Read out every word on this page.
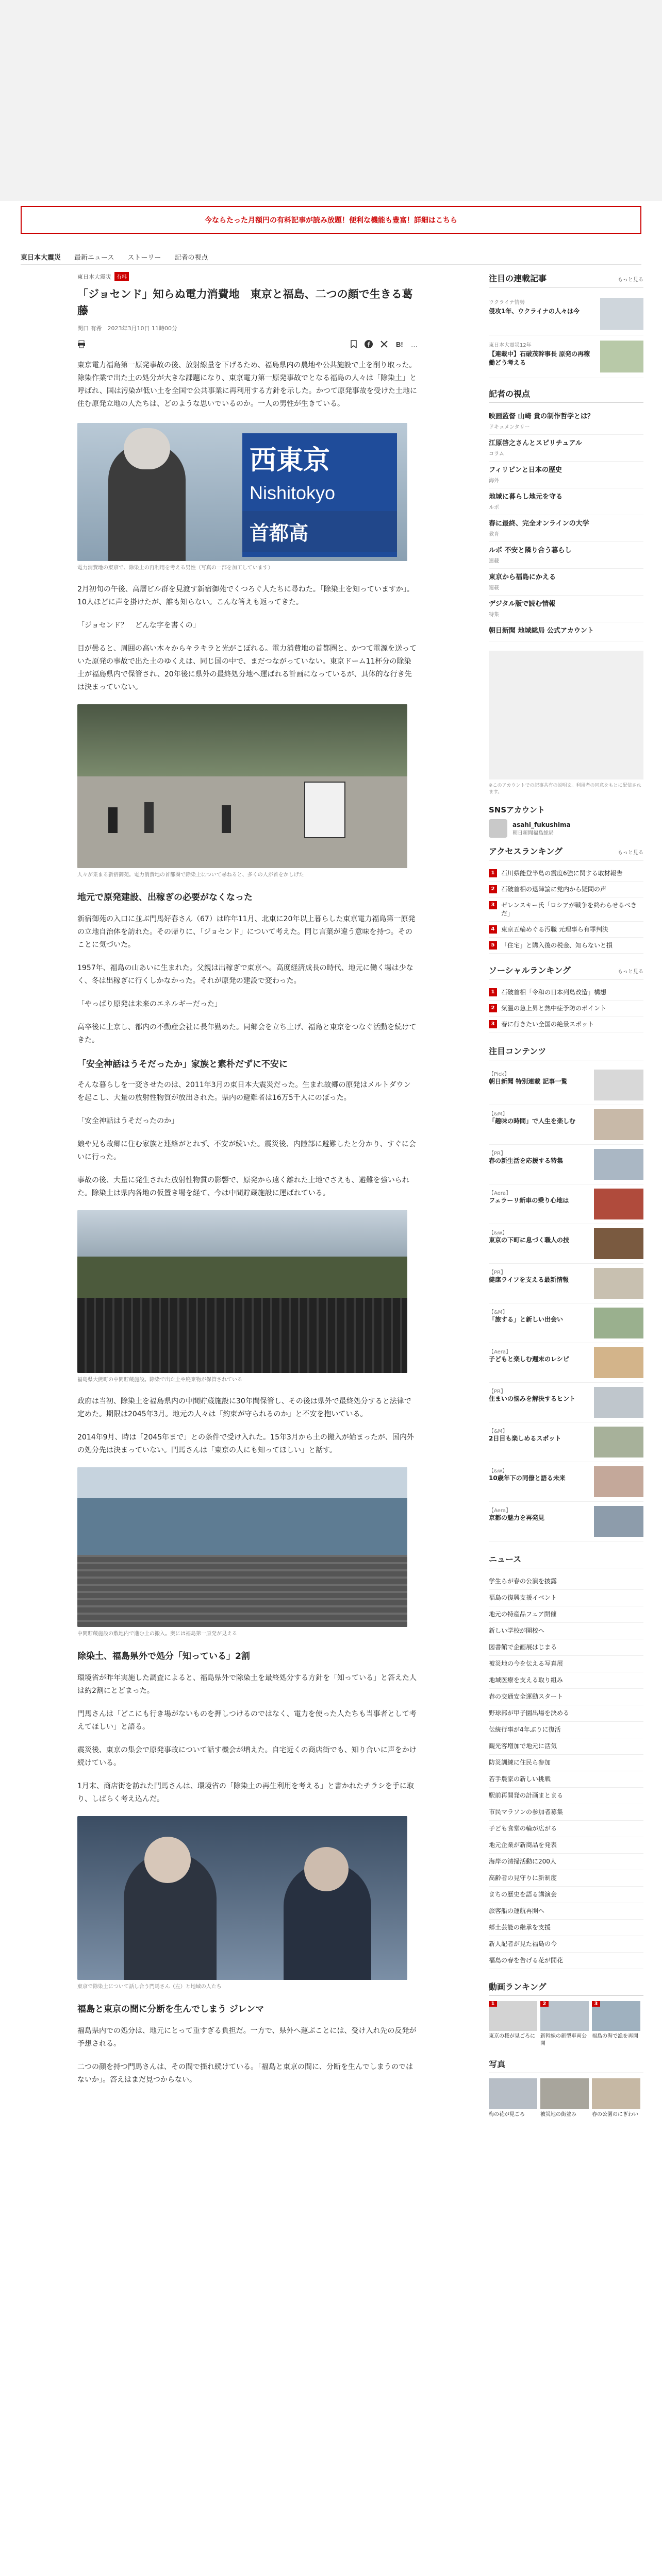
今ならたった月額円の有料記事が読み放題！便利な機能も豊富！詳細はこちら
東日本大震災 最新ニュース ストーリー 記者の視点
東日本大震災	有料
「ジョセンド」知らぬ電力消費地　東京と福島、二つの顔で生きる葛藤
関口 有希　2023年3月10日 11時00分
B! …
東京電力福島第一原発事故の後、放射線量を下げるため、福島県内の農地や公共施設で土を削り取った。除染作業で出た土の処分が大きな課題になり、東京電力第一原発事故でとなる福島の人々は「除染土」と呼ばれ、国は汚染が低い土を全国で公共事業に再利用する方針を示した。かつて原発事故を受けた土地に住む原発立地の人たちは、どのような思いでいるのか。一人の男性が生きている。
西東京
Nishitokyo
首都高
電力消費地の東京で、除染土の再利用を考える男性（写真の一部を加工しています）

2月初旬の午後、高層ビル群を見渡す新宿御苑でくつろぐ人たちに尋ねた。「除染土を知っていますか」。10人ほどに声を掛けたが、誰も知らない。こんな答えも返ってきた。

「ジョセンド？　どんな字を書くの」

目が曇ると、周囲の高い木々からキラキラと光がこぼれる。電力消費地の首都圏と、かつて電源を送っていた原発の事故で出た土のゆくえは、同じ国の中で、まだつながっていない。東京ドーム11杯分の除染土が福島県内で保管され、20年後に県外の最終処分地へ運ばれる計画になっているが、具体的な行き先は決まっていない。

人々が集まる新宿御苑。電力消費地の首都圏で除染土について尋ねると、多くの人が首をかしげた
地元で原発建設、出稼ぎの必要がなくなった

新宿御苑の入口に並ぶ門馬好春さん（67）は昨年11月、北東に20年以上暮らした東京電力福島第一原発の立地自治体を訪れた。その帰りに、「ジョセンド」について考えた。同じ言葉が違う意味を持つ。そのことに気づいた。

1957年、福島の山あいに生まれた。父親は出稼ぎで東京へ。高度経済成長の時代、地元に働く場は少なく、冬は出稼ぎに行くしかなかった。それが原発の建設で変わった。

「やっぱり原発は未来のエネルギーだった」

高卒後に上京し、都内の不動産会社に長年勤めた。同郷会を立ち上げ、福島と東京をつなぐ活動を続けてきた。

「安全神話はうそだったか」家族と素朴だずに不安に

そんな暮らしを一変させたのは、2011年3月の東日本大震災だった。生まれ故郷の原発はメルトダウンを起こし、大量の放射性物質が放出された。県内の避難者は16万5千人にのぼった。

「安全神話はうそだったのか」

娘や兄も故郷に住む家族と連絡がとれず、不安が続いた。震災後、内陸部に避難したと分かり、すぐに会いに行った。

事故の後、大量に発生された放射性物質の影響で、原発から遠く離れた土地でさえも、避難を強いられた。除染土は県内各地の仮置き場を経て、今は中間貯蔵施設に運ばれている。

福島県大熊町の中間貯蔵施設。除染で出た土や廃棄物が保管されている

政府は当初、除染土を福島県内の中間貯蔵施設に30年間保管し、その後は県外で最終処分すると法律で定めた。期限は2045年3月。地元の人々は「約束が守られるのか」と不安を抱いている。

2014年9月、時は「2045年まで」との条件で受け入れた。15年3月から土の搬入が始まったが、国内外の処分先は決まっていない。門馬さんは「東京の人にも知ってほしい」と話す。

中間貯蔵施設の敷地内で進む土の搬入。奥には福島第一原発が見える
除染土、福島県外で処分「知っている」2割

環境省が昨年実施した調査によると、福島県外で除染土を最終処分する方針を「知っている」と答えた人は約2割にとどまった。

門馬さんは「どこにも行き場がないものを押しつけるのではなく、電力を使った人たちも当事者として考えてほしい」と語る。

震災後、東京の集会で原発事故について話す機会が増えた。自宅近くの商店街でも、知り合いに声をかけ続けている。

1月末、商店街を訪れた門馬さんは、環境省の「除染土の再生利用を考える」と書かれたチラシを手に取り、しばらく考え込んだ。

東京で除染土について話し合う門馬さん（左）と地域の人たち
福島と東京の間に分断を生んでしまう ジレンマ

福島県内での処分は、地元にとって重すぎる負担だ。一方で、県外へ運ぶことには、受け入れ先の反発が予想される。

二つの顔を持つ門馬さんは、その間で揺れ続けている。「福島と東京の間に、分断を生んでしまうのではないか」。答えはまだ見つからない。

注目の連載記事	もっと見る
ウクライナ情勢
侵攻1年、ウクライナの人々は今
東日本大震災12年
【連載中】石破茂幹事長 原発の再稼働どう考える
記者の視点
映画監督 山崎 貴の制作哲学とは？
ドキュメンタリー
江原啓之さんとスピリチュアル
コラム
フィリピンと日本の歴史
海外
地域に暮らし地元を守る
ルポ
春に最終、完全オンラインの大学
教育
ルポ 不安と隣り合う暮らし
連載
東京から福島にかえる
連載
デジタル版で読む情報
特集
朝日新聞 地域総局 公式アカウント
※このアカウントでの記事共有の説明文。利用者の同意をもとに配信されます。
SNSアカウント
asahi_fukushima
朝日新聞福島総局
アクセスランキング	もっと見る
1	石川県能登半島の震度6強に関する取材報告
2	石破首相の退陣論に党内から疑問の声
3	ゼレンスキー氏「ロシアが戦争を終わらせるべきだ」
4	東京五輪めぐる汚職 元理事ら有罪判決
5	「住宅」と購入後の税金、知らないと損
ソーシャルランキング	もっと見る
1	石破首相「令和の日本列島改造」構想
2	気温の急上昇と熱中症予防のポイント
3	春に行きたい全国の絶景スポット
注目コンテンツ
【Pick】
朝日新聞 特別連載 記事一覧
【&M】
「趣味の時間」で人生を楽しむ
【PR】
春の新生活を応援する特集
【Aera】
フェラーリ新車の乗り心地は
【&w】
東京の下町に息づく職人の技
【PR】
健康ライフを支える最新情報
【&M】
「旅する」と新しい出会い
【Aera】
子どもと楽しむ週末のレシピ
【PR】
住まいの悩みを解決するヒント
【&M】
2日目も楽しめるスポット
【&w】
10歳年下の同僚と語る未来
【Aera】
京都の魅力を再発見
ニュース
学生らが春の公演を披露
福島の復興支援イベント
地元の特産品フェア開催
新しい学校が開校へ
図書館で企画展はじまる
被災地の今を伝える写真展
地域医療を支える取り組み
春の交通安全運動スタート
野球部が甲子園出場を決める
伝統行事が4年ぶりに復活
観光客増加で地元に活気
防災訓練に住民ら参加
若手農家の新しい挑戦
駅前再開発の計画まとまる
市民マラソンの参加者募集
子ども食堂の輪が広がる
地元企業が新商品を発表
海岸の清掃活動に200人
高齢者の見守りに新制度
まちの歴史を語る講演会
旅客船の運航再開へ
郷土芸能の継承を支援
新人記者が見た福島の今
福島の春を告げる花が開花
動画ランキング
1

東京の桜が見ごろに

2

新幹線の新型車両公開

3

福島の海で漁を再開

写真

梅の花が見ごろ	被災地の街並み	春の公園のにぎわい
